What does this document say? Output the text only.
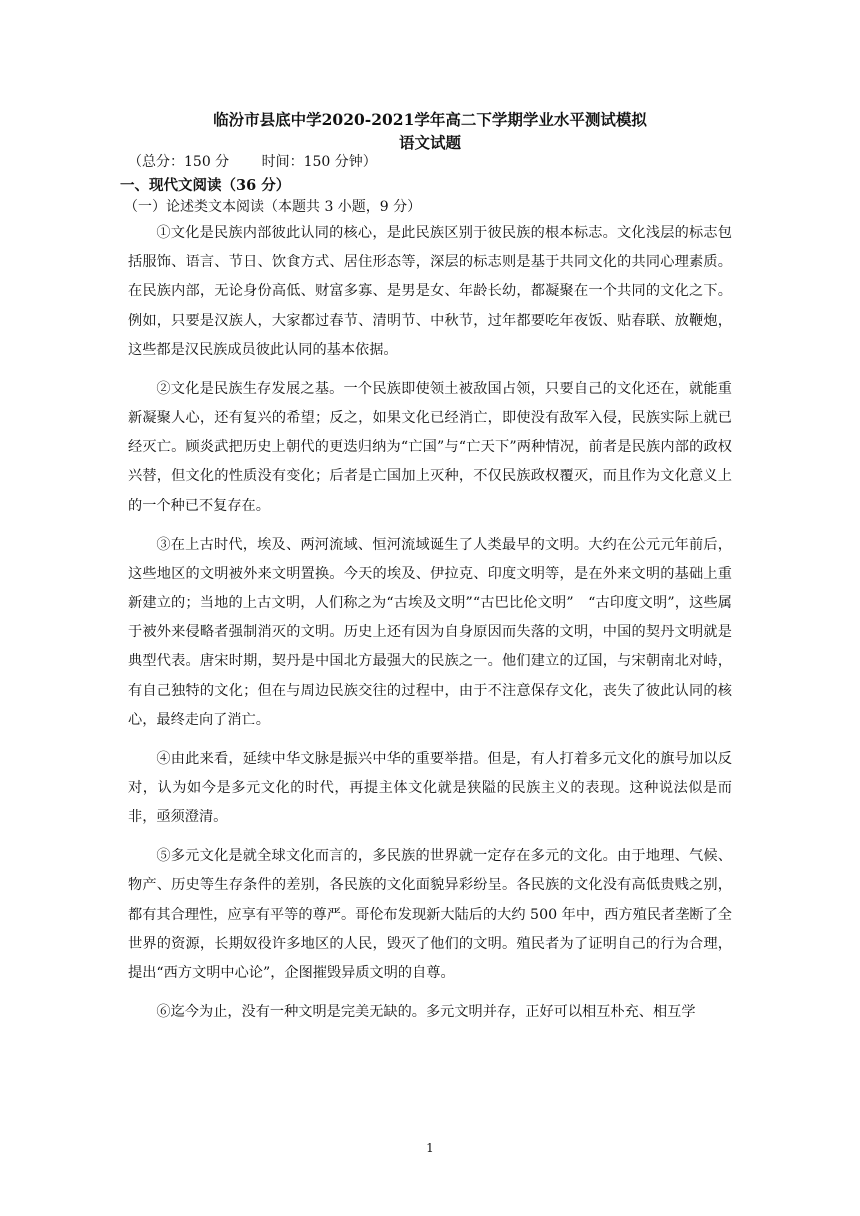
临汾市县底中学2020-2021学年高二下学期学业水平测试模拟
语文试题
（总分：150 分　　 时间：150 分钟）
一、现代文阅读（36 分）
（一）论述类文本阅读（本题共 3 小题，9 分）

①文化是民族内部彼此认同的核心，是此民族区别于彼民族的根本标志。文化浅层的标志包括服饰、语言、节日、饮食方式、居住形态等，深层的标志则是基于共同文化的共同心理素质。在民族内部，无论身份高低、财富多寡、是男是女、年龄长幼，都凝聚在一个共同的文化之下。例如，只要是汉族人，大家都过春节、清明节、中秋节，过年都要吃年夜饭、贴春联、放鞭炮，这些都是汉民族成员彼此认同的基本依据。

②文化是民族生存发展之基。一个民族即使领土被敌国占领，只要自己的文化还在，就能重新凝聚人心，还有复兴的希望；反之，如果文化已经消亡，即使没有敌军入侵，民族实际上就已经灭亡。顾炎武把历史上朝代的更迭归纳为“亡国”与“亡天下”两种情况，前者是民族内部的政权兴替，但文化的性质没有变化；后者是亡国加上灭种，不仅民族政权覆灭，而且作为文化意义上的一个种已不复存在。

③在上古时代，埃及、两河流域、恒河流域诞生了人类最早的文明。大约在公元元年前后，这些地区的文明被外来文明置换。今天的埃及、伊拉克、印度文明等，是在外来文明的基础上重新建立的；当地的上古文明，人们称之为“古埃及文明”“古巴比伦文明”　“古印度文明”，这些属于被外来侵略者强制消灭的文明。历史上还有因为自身原因而失落的文明，中国的契丹文明就是典型代表。唐宋时期，契丹是中国北方最强大的民族之一。他们建立的辽国，与宋朝南北对峙，有自己独特的文化；但在与周边民族交往的过程中，由于不注意保存文化，丧失了彼此认同的核心，最终走向了消亡。

④由此来看，延续中华文脉是振兴中华的重要举措。但是，有人打着多元文化的旗号加以反对，认为如今是多元文化的时代，再提主体文化就是狭隘的民族主义的表现。这种说法似是而非，亟须澄清。

⑤多元文化是就全球文化而言的，多民族的世界就一定存在多元的文化。由于地理、气候、物产、历史等生存条件的差别，各民族的文化面貌异彩纷呈。各民族的文化没有高低贵贱之别，都有其合理性，应享有平等的尊严。哥伦布发现新大陆后的大约 500 年中，西方殖民者垄断了全世界的资源，长期奴役许多地区的人民，毁灭了他们的文明。殖民者为了证明自己的行为合理，提出“西方文明中心论”，企图摧毁异质文明的自尊。

⑥迄今为止，没有一种文明是完美无缺的。多元文明并存，正好可以相互朴充、相互学

1
